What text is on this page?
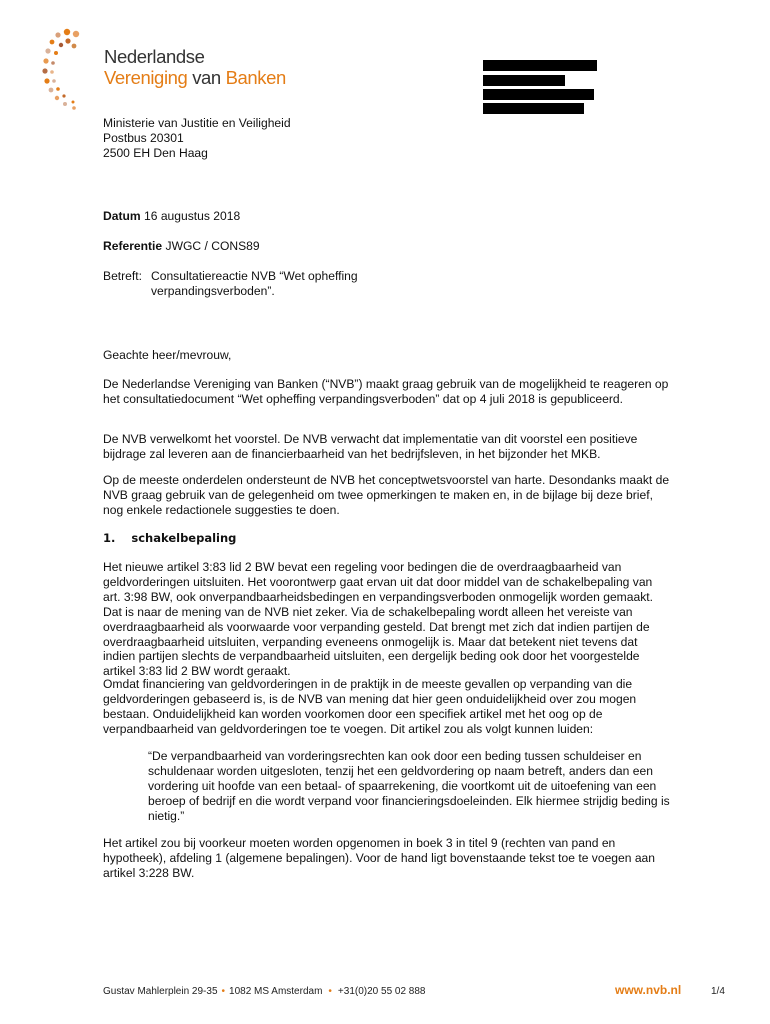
Nederlandse
Vereniging van Banken

Ministerie van Justitie en Veiligheid

Postbus 20301

2500 EH Den Haag

Datum 16 augustus 2018
Referentie JWGC / CONS89
Betreft: Consultatiereactie NVB “Wet opheffing
verpandingsverboden”.
Geachte heer/mevrouw,
De Nederlandse Vereniging van Banken (“NVB”) maakt graag gebruik van de mogelijkheid te reageren op het consultatiedocument “Wet opheffing verpandingsverboden” dat op 4 juli 2018 is gepubliceerd.
De NVB verwelkomt het voorstel. De NVB verwacht dat implementatie van dit voorstel een positieve bijdrage zal leveren aan de financierbaarheid van het bedrijfsleven, in het bijzonder het MKB.
Op de meeste onderdelen ondersteunt de NVB het conceptwetsvoorstel van harte. Desondanks maakt de NVB graag gebruik van de gelegenheid om twee opmerkingen te maken en, in de bijlage bij deze brief, nog enkele redactionele suggesties te doen.
1.    schakelbepaling
Het nieuwe artikel 3:83 lid 2 BW bevat een regeling voor bedingen die de overdraagbaarheid van geldvorderingen uitsluiten. Het voorontwerp gaat ervan uit dat door middel van de schakelbepaling van art. 3:98 BW, ook onverpandbaarheidsbedingen en verpandingsverboden onmogelijk worden gemaakt. Dat is naar de mening van de NVB niet zeker. Via de schakelbepaling wordt alleen het vereiste van overdraagbaarheid als voorwaarde voor verpanding gesteld. Dat brengt met zich dat indien partijen de overdraagbaarheid uitsluiten, verpanding eveneens onmogelijk is. Maar dat betekent niet tevens dat indien partijen slechts de verpandbaarheid uitsluiten, een dergelijk beding ook door het voorgestelde artikel 3:83 lid 2 BW wordt geraakt.
Omdat financiering van geldvorderingen in de praktijk in de meeste gevallen op verpanding van die geldvorderingen gebaseerd is, is de NVB van mening dat hier geen onduidelijkheid over zou mogen bestaan. Onduidelijkheid kan worden voorkomen door een specifiek artikel met het oog op de verpandbaarheid van geldvorderingen toe te voegen. Dit artikel zou als volgt kunnen luiden:
“De verpandbaarheid van vorderingsrechten kan ook door een beding tussen schuldeiser en schuldenaar worden uitgesloten, tenzij het een geldvordering op naam betreft, anders dan een vordering uit hoofde van een betaal- of spaarrekening, die voortkomt uit de uitoefening van een beroep of bedrijf en die wordt verpand voor financieringsdoeleinden. Elk hiermee strijdig beding is nietig.”
Het artikel zou bij voorkeur moeten worden opgenomen in boek 3 in titel 9 (rechten van pand en hypotheek), afdeling 1 (algemene bepalingen). Voor de hand ligt bovenstaande tekst toe te voegen aan artikel 3:228 BW.
Gustav Mahlerplein 29-35 • 1082 MS Amsterdam • +31(0)20 55 02 888	www.nvb.nl	1/4
